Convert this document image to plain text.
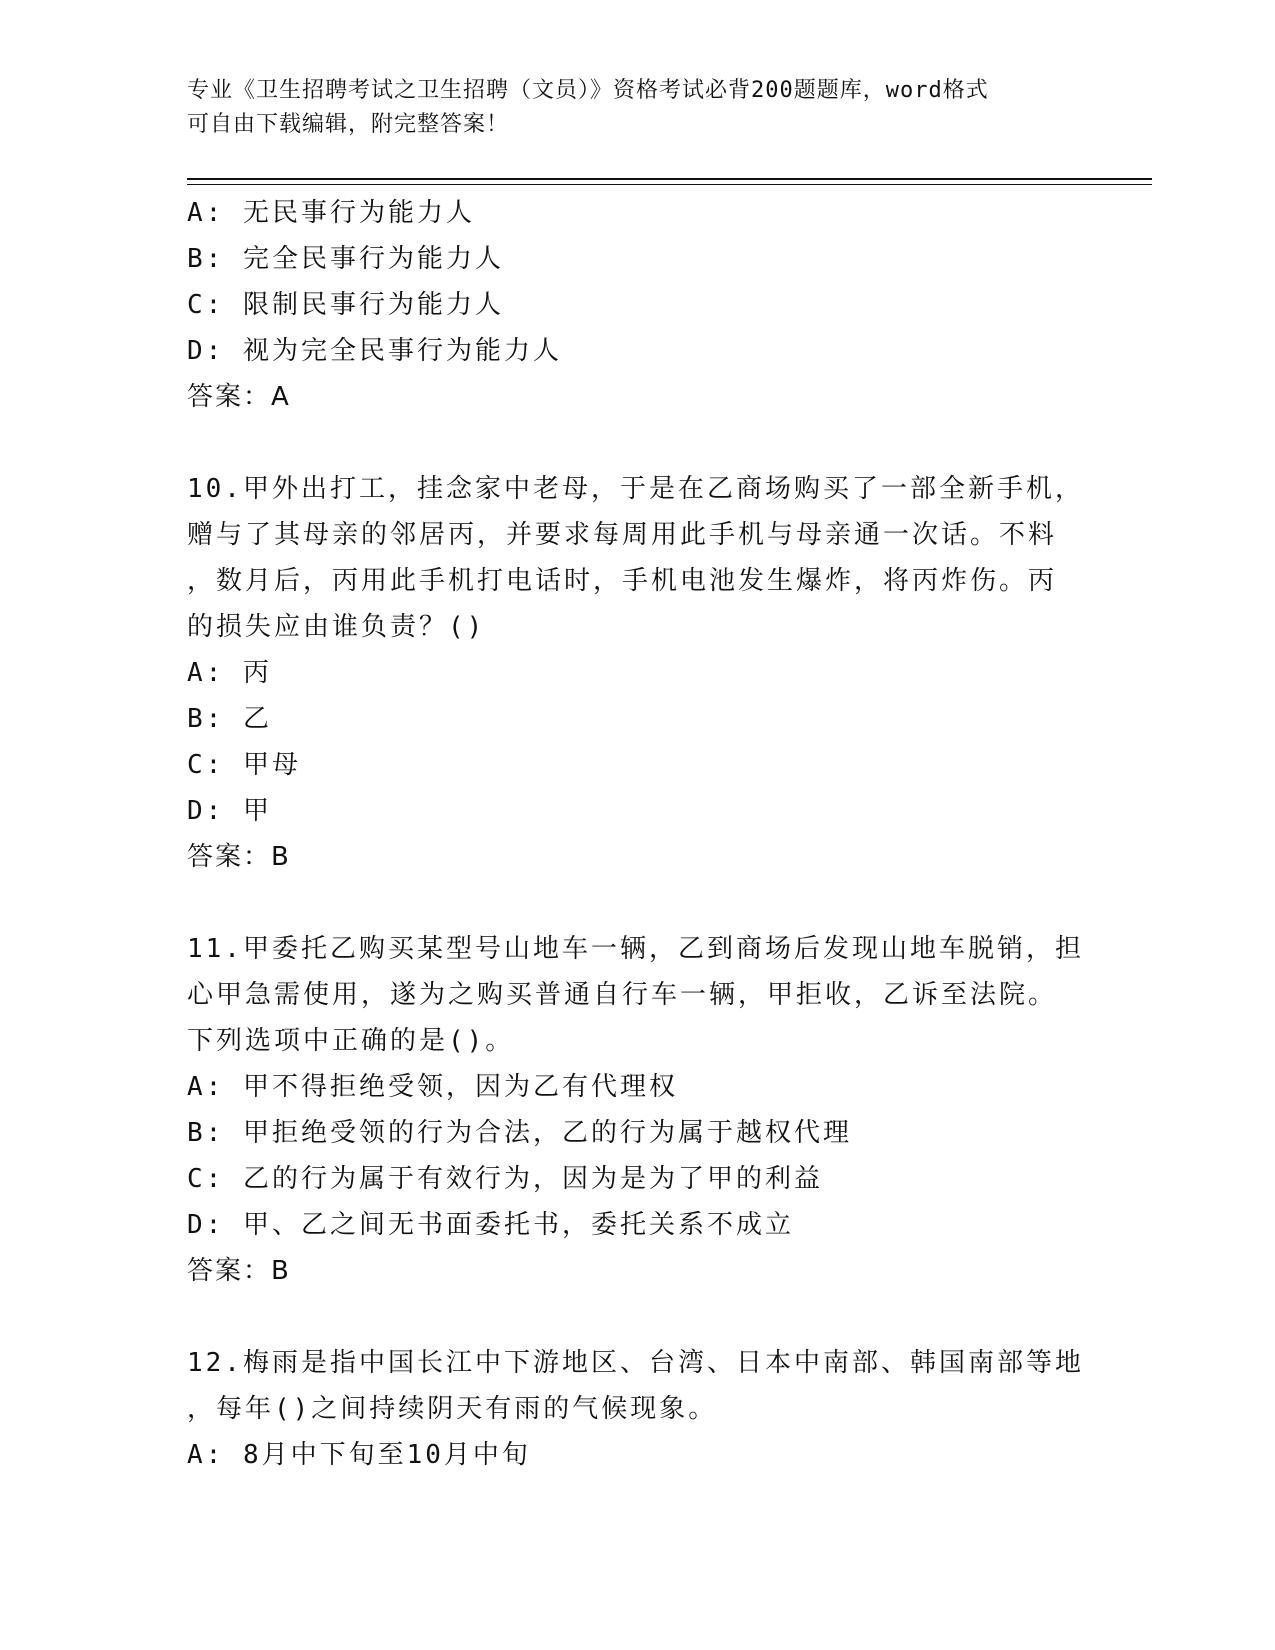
专业《卫生招聘考试之卫生招聘（文员）》资格考试必背200题题库，word格式
可自由下载编辑，附完整答案！
A: 无民事行为能力人
B: 完全民事行为能力人
C: 限制民事行为能力人
D: 视为完全民事行为能力人
答案：A
10.甲外出打工，挂念家中老母，于是在乙商场购买了一部全新手机，
赠与了其母亲的邻居丙，并要求每周用此手机与母亲通一次话。不料
，数月后，丙用此手机打电话时，手机电池发生爆炸，将丙炸伤。丙
的损失应由谁负责？()
A: 丙
B: 乙
C: 甲母
D: 甲
答案：B
11.甲委托乙购买某型号山地车一辆，乙到商场后发现山地车脱销，担
心甲急需使用，遂为之购买普通自行车一辆，甲拒收，乙诉至法院。
下列选项中正确的是()。
A: 甲不得拒绝受领，因为乙有代理权
B: 甲拒绝受领的行为合法，乙的行为属于越权代理
C: 乙的行为属于有效行为，因为是为了甲的利益
D: 甲、乙之间无书面委托书，委托关系不成立
答案：B
12.梅雨是指中国长江中下游地区、台湾、日本中南部、韩国南部等地
，每年()之间持续阴天有雨的气候现象。
A: 8月中下旬至10月中旬
